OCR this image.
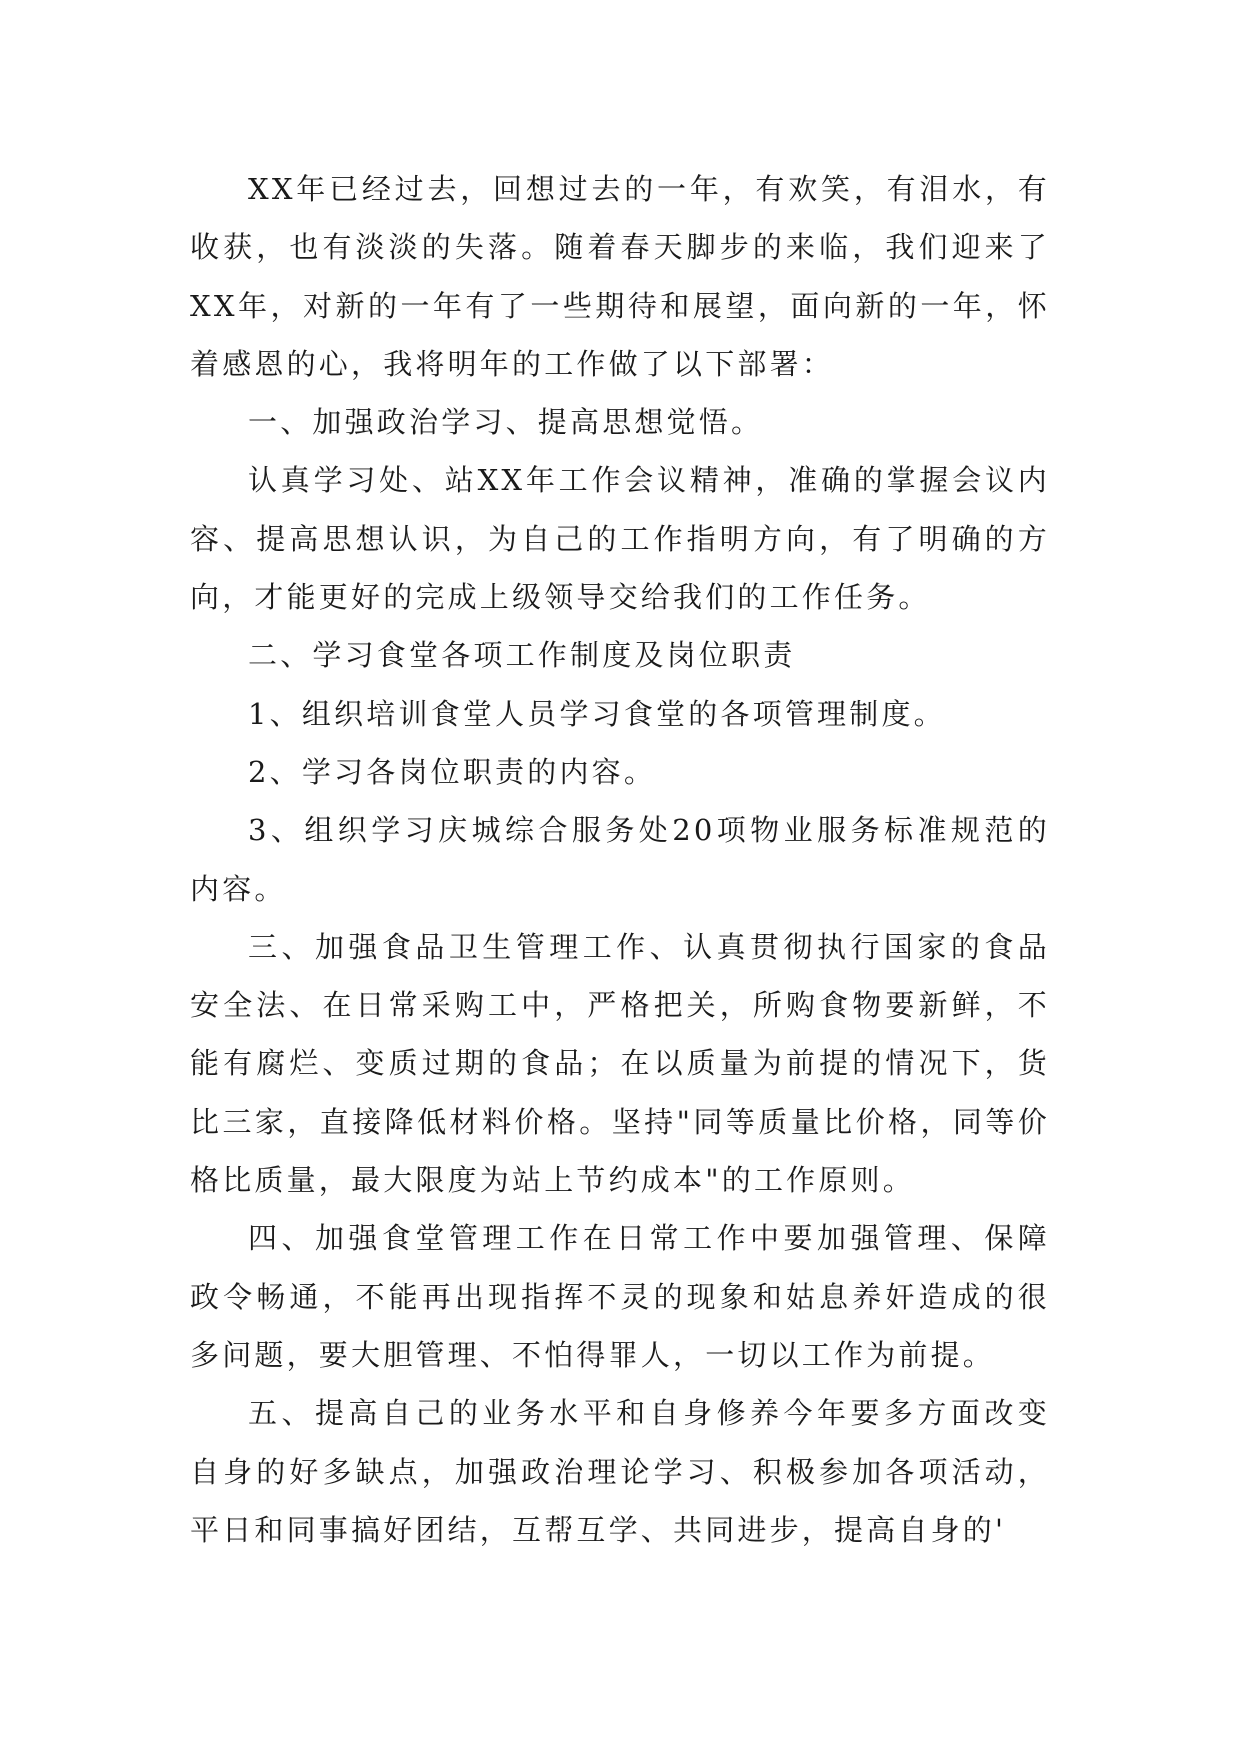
XX年已经过去，回想过去的一年，有欢笑，有泪水，有收获，也有淡淡的失落。随着春天脚步的来临，我们迎来了XX年，对新的一年有了一些期待和展望，面向新的一年，怀着感恩的心，我将明年的工作做了以下部署：

一、加强政治学习、提高思想觉悟。

认真学习处、站XX年工作会议精神，准确的掌握会议内容、提高思想认识，为自己的工作指明方向，有了明确的方向，才能更好的完成上级领导交给我们的工作任务。

二、学习食堂各项工作制度及岗位职责

1、组织培训食堂人员学习食堂的各项管理制度。

2、学习各岗位职责的内容。

3、组织学习庆城综合服务处20项物业服务标准规范的内容。

三、加强食品卫生管理工作、认真贯彻执行国家的食品安全法、在日常采购工中，严格把关，所购食物要新鲜，不能有腐烂、变质过期的食品；在以质量为前提的情况下，货比三家，直接降低材料价格。坚持"同等质量比价格，同等价格比质量，最大限度为站上节约成本"的工作原则。

四、加强食堂管理工作在日常工作中要加强管理、保障政令畅通，不能再出现指挥不灵的现象和姑息养奸造成的很多问题，要大胆管理、不怕得罪人，一切以工作为前提。

五、提高自己的业务水平和自身修养今年要多方面改变自身的好多缺点，加强政治理论学习、积极参加各项活动，平日和同事搞好团结，互帮互学、共同进步，提高自身的'
